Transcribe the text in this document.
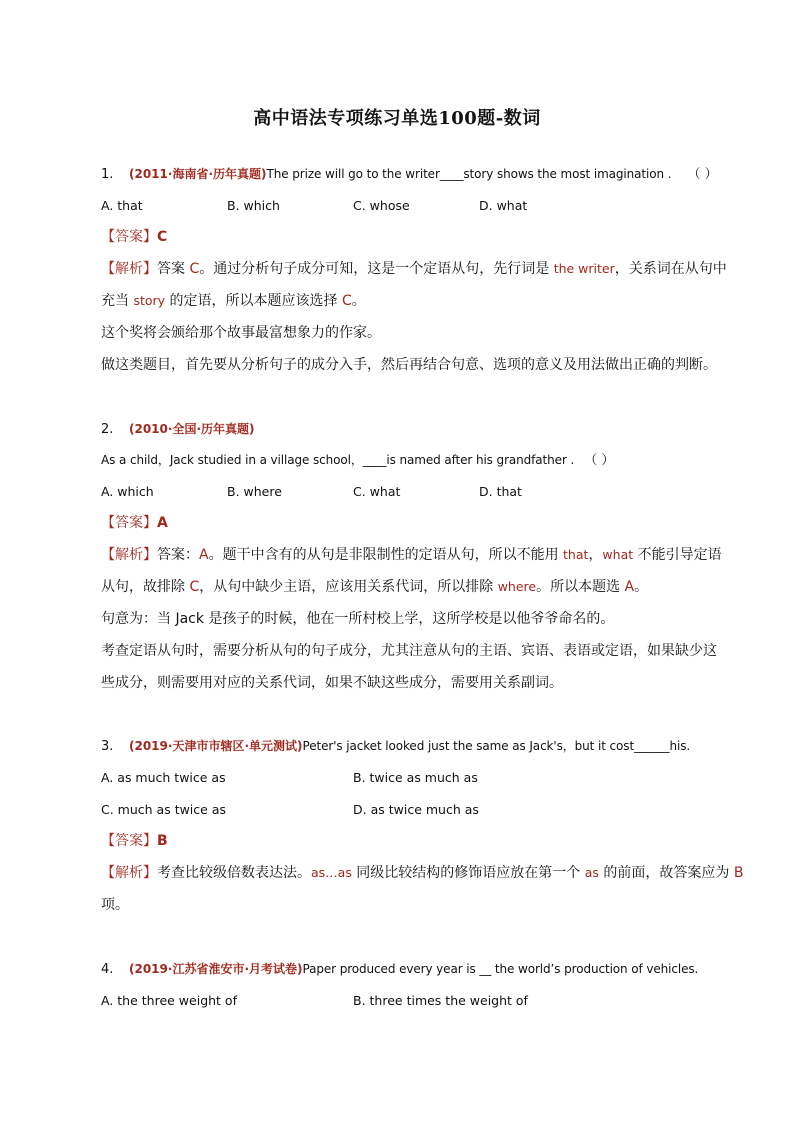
高中语法专项练习单选100题-数词
1. (2011·海南省·历年真题)The prize will go to the writer____story shows the most imagination . （ ）
A. that	B. which	C. whose	D. what
【答案】C
【解析】答案 C。通过分析句子成分可知，这是一个定语从句，先行词是 the writer，关系词在从句中
充当 story 的定语，所以本题应该选择 C。
这个奖将会颁给那个故事最富想象力的作家。
做这类题目，首先要从分析句子的成分入手，然后再结合句意、选项的意义及用法做出正确的判断。
2. (2010·全国·历年真题)
As a child，Jack studied in a village school，____is named after his grandfather . （ ）
A. which	B. where	C. what	D. that
【答案】A
【解析】答案：A。题干中含有的从句是非限制性的定语从句，所以不能用 that，what 不能引导定语
从句，故排除 C，从句中缺少主语，应该用关系代词，所以排除 where。所以本题选 A。
句意为：当 Jack 是孩子的时候，他在一所村校上学，这所学校是以他爷爷命名的。
考查定语从句时，需要分析从句的句子成分，尤其注意从句的主语、宾语、表语或定语，如果缺少这
些成分，则需要用对应的关系代词，如果不缺这些成分，需要用关系副词。
3. (2019·天津市市辖区·单元测试)Peter's jacket looked just the same as Jack's，but it cost______his.
A. as much twice as	B. twice as much as
C. much as twice as	D. as twice much as
【答案】B
【解析】考查比较级倍数表达法。as…as 同级比较结构的修饰语应放在第一个 as 的前面，故答案应为 B
项。
4. (2019·江苏省淮安市·月考试卷)Paper produced every year is __ the world’s production of vehicles.
A. the three weight of	B. three times the weight of
